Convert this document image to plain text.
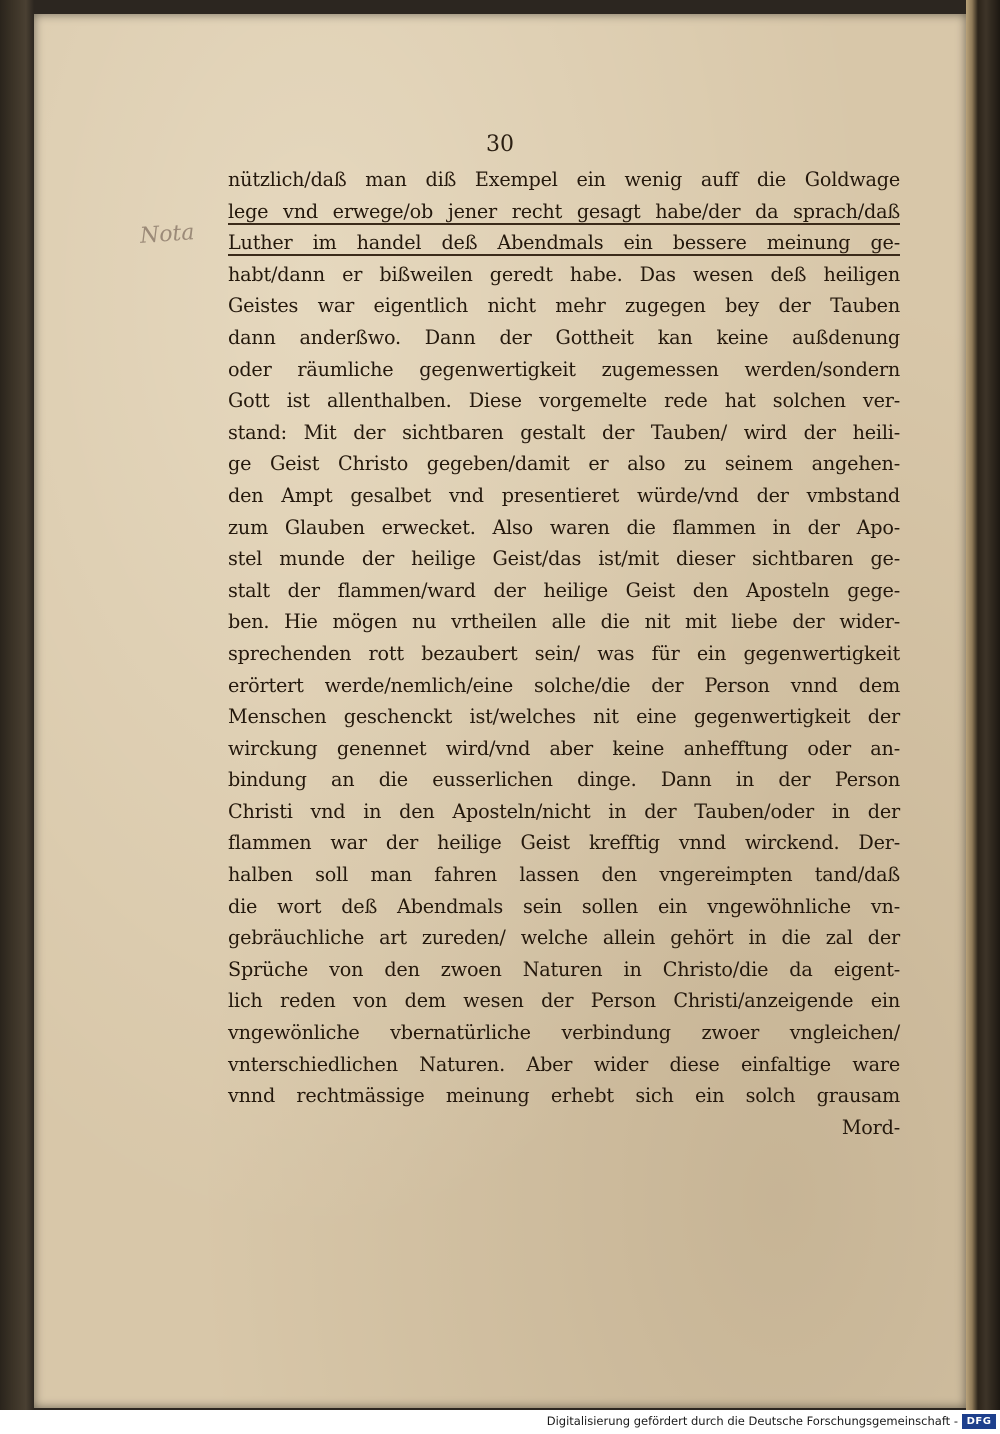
30
Nota
nützlich/daß man diß Exempel ein wenig auff die Goldwage
lege vnd erwege/ob jener recht gesagt habe/der da sprach/daß
Luther im handel deß Abendmals ein bessere meinung ge-
habt/dann er bißweilen geredt habe. Das wesen deß heiligen
Geistes war eigentlich nicht mehr zugegen bey der Tauben
dann anderßwo. Dann der Gottheit kan keine außdenung
oder räumliche gegenwertigkeit zugemessen werden/sondern
Gott ist allenthalben. Diese vorgemelte rede hat solchen ver-
stand: Mit der sichtbaren gestalt der Tauben/ wird der heili-
ge Geist Christo gegeben/damit er also zu seinem angehen-
den Ampt gesalbet vnd presentieret würde/vnd der vmbstand
zum Glauben erwecket. Also waren die flammen in der Apo-
stel munde der heilige Geist/das ist/mit dieser sichtbaren ge-
stalt der flammen/ward der heilige Geist den Aposteln gege-
ben. Hie mögen nu vrtheilen alle die nit mit liebe der wider-
sprechenden rott bezaubert sein/ was für ein gegenwertigkeit
erörtert werde/nemlich/eine solche/die der Person vnnd dem
Menschen geschenckt ist/welches nit eine gegenwertigkeit der
wirckung genennet wird/vnd aber keine anhefftung oder an-
bindung an die eusserlichen dinge. Dann in der Person
Christi vnd in den Aposteln/nicht in der Tauben/oder in der
flammen war der heilige Geist krefftig vnnd wirckend. Der-
halben soll man fahren lassen den vngereimpten tand/daß
die wort deß Abendmals sein sollen ein vngewöhnliche vn-
gebräuchliche art zureden/ welche allein gehört in die zal der
Sprüche von den zwoen Naturen in Christo/die da eigent-
lich reden von dem wesen der Person Christi/anzeigende ein
vngewönliche vbernatürliche verbindung zwoer vngleichen/
vnterschiedlichen Naturen. Aber wider diese einfaltige ware
vnnd rechtmässige meinung erhebt sich ein solch grausam
Mord-
Digitalisierung gefördert durch die Deutsche Forschungsgemeinschaft - DFG
